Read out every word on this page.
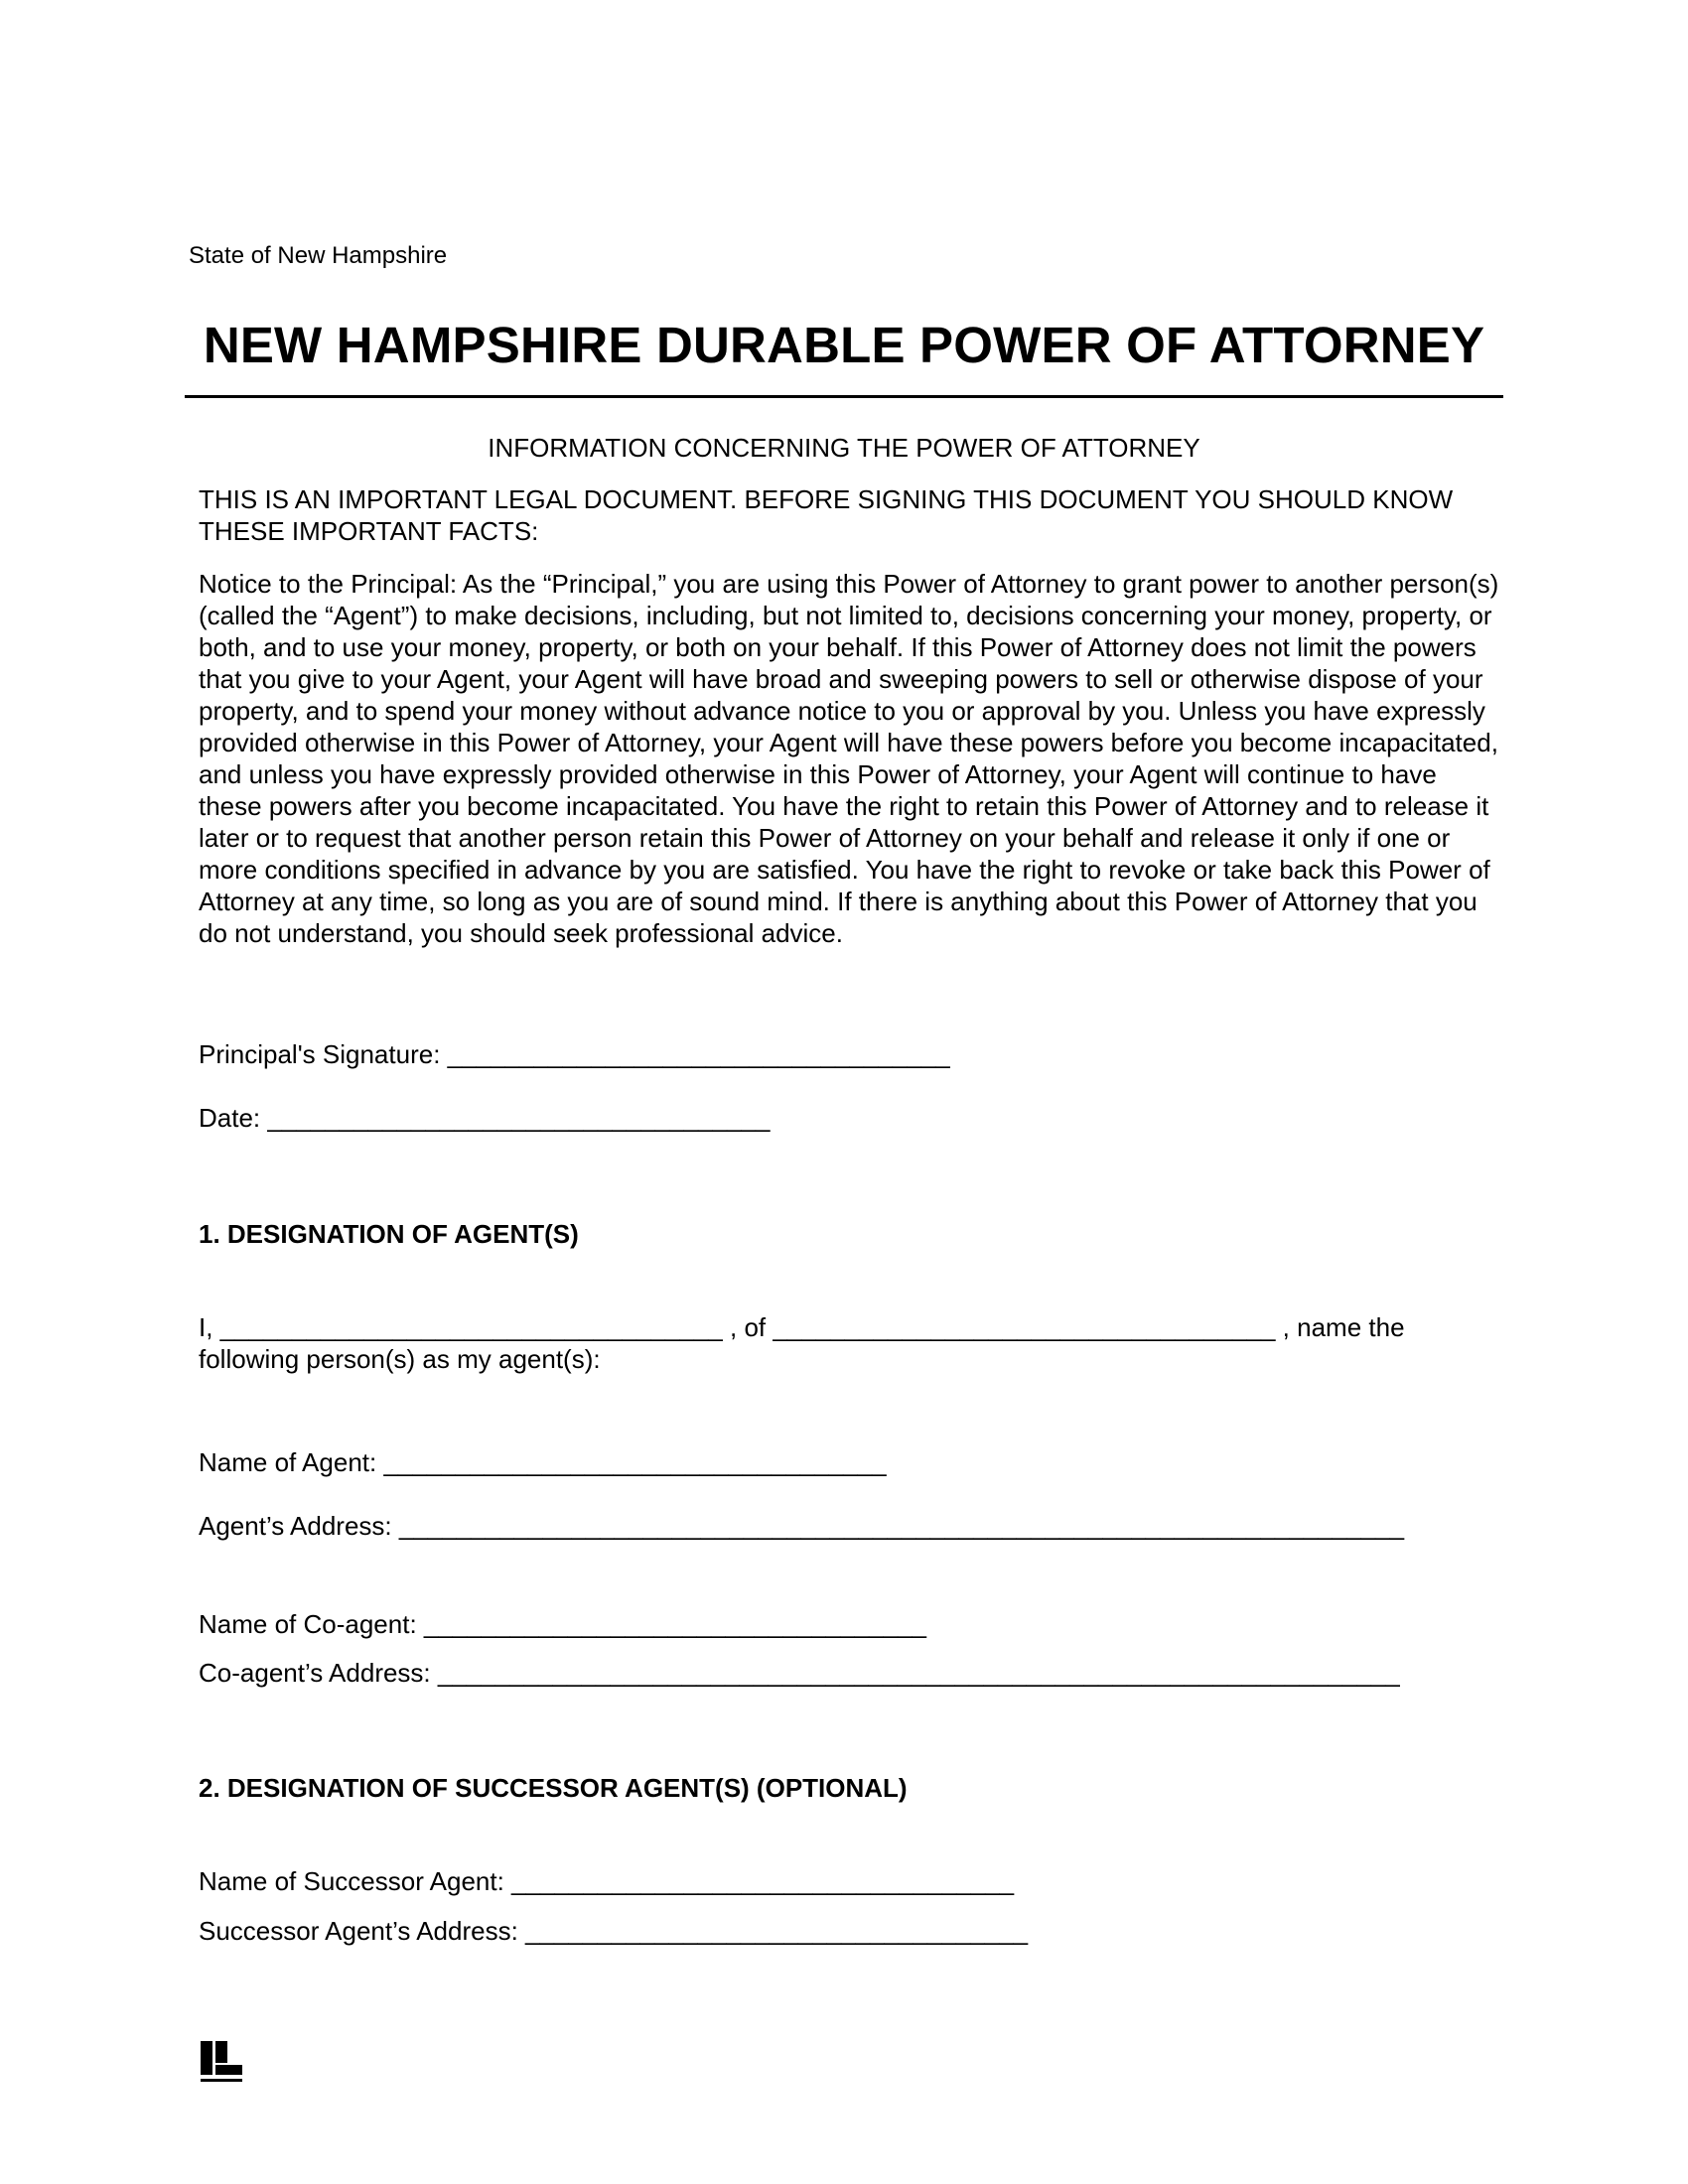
State of New Hampshire
NEW HAMPSHIRE DURABLE POWER OF ATTORNEY
INFORMATION CONCERNING THE POWER OF ATTORNEY
THIS IS AN IMPORTANT LEGAL DOCUMENT. BEFORE SIGNING THIS DOCUMENT YOU SHOULD KNOW THESE IMPORTANT FACTS:
Notice to the Principal: As the “Principal,” you are using this Power of Attorney to grant power to another person(s) (called the “Agent”) to make decisions, including, but not limited to, decisions concerning your money, property, or both, and to use your money, property, or both on your behalf. If this Power of Attorney does not limit the powers that you give to your Agent, your Agent will have broad and sweeping powers to sell or otherwise dispose of your property, and to spend your money without advance notice to you or approval by you. Unless you have expressly provided otherwise in this Power of Attorney, your Agent will have these powers before you become incapacitated, and unless you have expressly provided otherwise in this Power of Attorney, your Agent will continue to have these powers after you become incapacitated. You have the right to retain this Power of Attorney and to release it later or to request that another person retain this Power of Attorney on your behalf and release it only if one or more conditions specified in advance by you are satisfied. You have the right to revoke or take back this Power of Attorney at any time, so long as you are of sound mind. If there is anything about this Power of Attorney that you do not understand, you should seek professional advice.
Principal's Signature: ___________________________________
Date: ___________________________________
1. DESIGNATION OF AGENT(S)
I, ___________________________________ , of ___________________________________ , name the
following person(s) as my agent(s):
Name of Agent: ___________________________________
Agent’s Address: ______________________________________________________________________
Name of Co-agent: ___________________________________
Co-agent’s Address: ___________________________________________________________________
2. DESIGNATION OF SUCCESSOR AGENT(S) (OPTIONAL)
Name of Successor Agent: ___________________________________
Successor Agent’s Address: ___________________________________
